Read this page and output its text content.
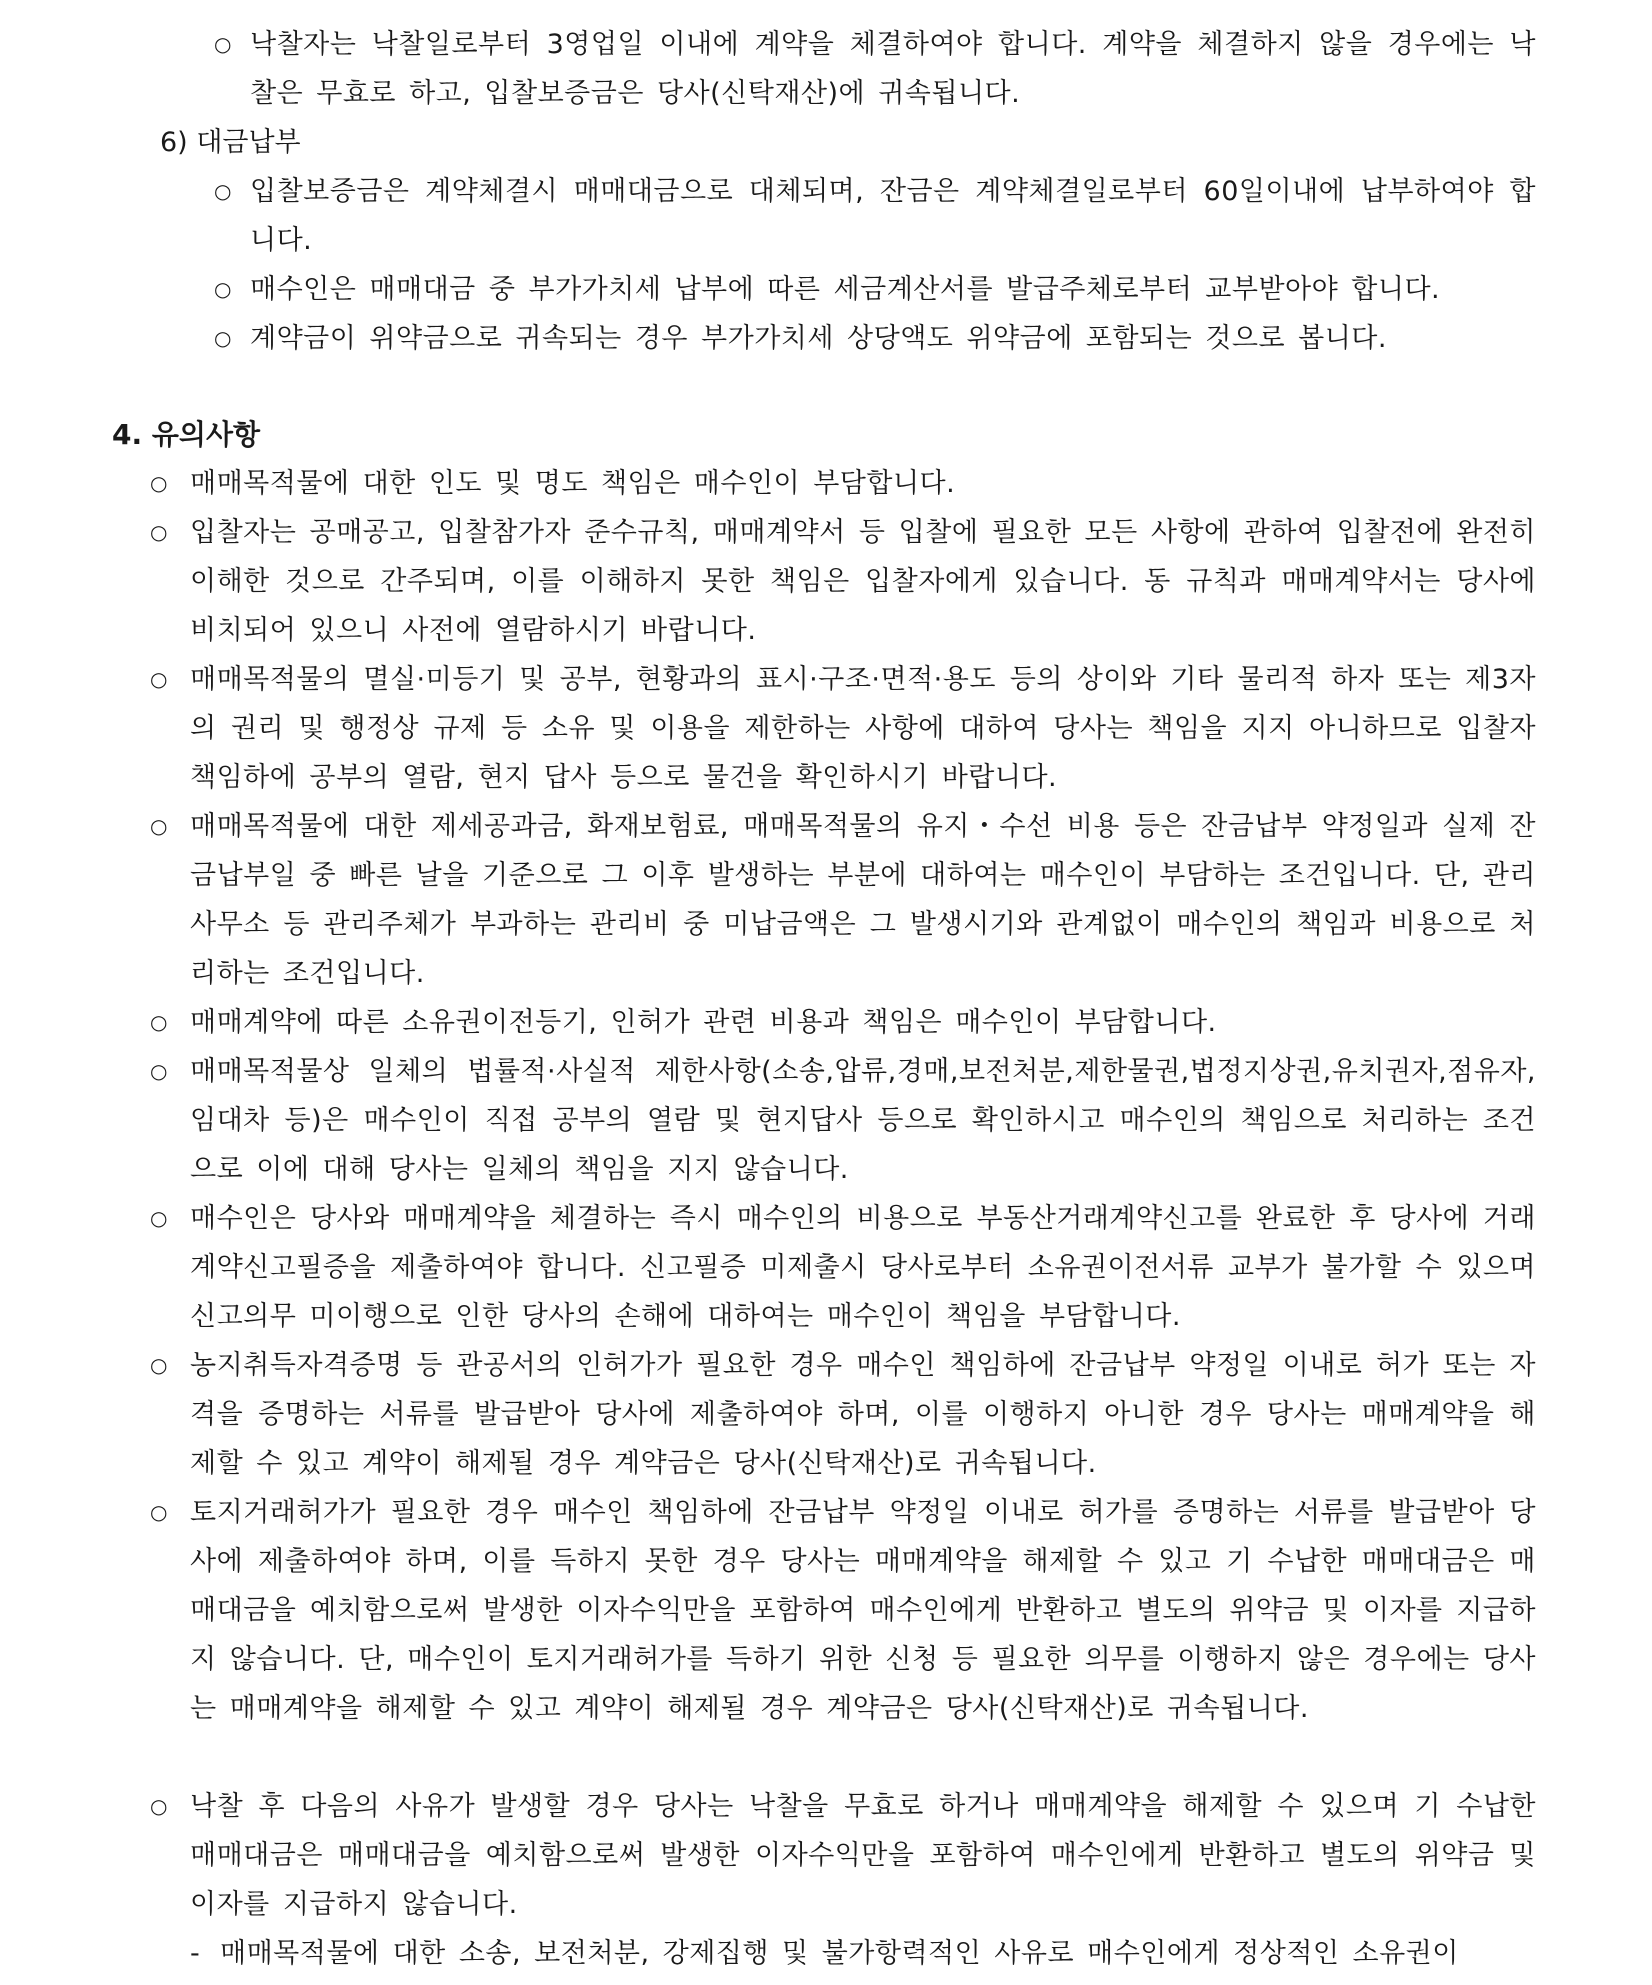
○ 낙찰자는 낙찰일로부터 3영업일 이내에 계약을 체결하여야 합니다. 계약을 체결하지 않을 경우에는 낙찰은 무효로 하고, 입찰보증금은 당사(신탁재산)에 귀속됩니다.
6) 대금납부
○ 입찰보증금은 계약체결시 매매대금으로 대체되며, 잔금은 계약체결일로부터 60일이내에 납부하여야 합니다.
○ 매수인은 매매대금 중 부가가치세 납부에 따른 세금계산서를 발급주체로부터 교부받아야 합니다.
○ 계약금이 위약금으로 귀속되는 경우 부가가치세 상당액도 위약금에 포함되는 것으로 봅니다.
4. 유의사항
○ 매매목적물에 대한 인도 및 명도 책임은 매수인이 부담합니다.
○ 입찰자는 공매공고, 입찰참가자 준수규칙, 매매계약서 등 입찰에 필요한 모든 사항에 관하여 입찰전에 완전히 이해한 것으로 간주되며, 이를 이해하지 못한 책임은 입찰자에게 있습니다. 동 규칙과 매매계약서는 당사에 비치되어 있으니 사전에 열람하시기 바랍니다.
○ 매매목적물의 멸실·미등기 및 공부, 현황과의 표시·구조·면적·용도 등의 상이와 기타 물리적 하자 또는 제3자의 권리 및 행정상 규제 등 소유 및 이용을 제한하는 사항에 대하여 당사는 책임을 지지 아니하므로 입찰자 책임하에 공부의 열람, 현지 답사 등으로 물건을 확인하시기 바랍니다.
○ 매매목적물에 대한 제세공과금, 화재보험료, 매매목적물의 유지・수선 비용 등은 잔금납부 약정일과 실제 잔금납부일 중 빠른 날을 기준으로 그 이후 발생하는 부분에 대하여는 매수인이 부담하는 조건입니다. 단, 관리사무소 등 관리주체가 부과하는 관리비 중 미납금액은 그 발생시기와 관계없이 매수인의 책임과 비용으로 처리하는 조건입니다.
○ 매매계약에 따른 소유권이전등기, 인허가 관련 비용과 책임은 매수인이 부담합니다.
○ 매매목적물상 일체의 법률적·사실적 제한사항(소송,압류,경매,보전처분,제한물권,법정지상권,유치권자,점유자,임대차 등)은 매수인이 직접 공부의 열람 및 현지답사 등으로 확인하시고 매수인의 책임으로 처리하는 조건으로 이에 대해 당사는 일체의 책임을 지지 않습니다.
○ 매수인은 당사와 매매계약을 체결하는 즉시 매수인의 비용으로 부동산거래계약신고를 완료한 후 당사에 거래계약신고필증을 제출하여야 합니다. 신고필증 미제출시 당사로부터 소유권이전서류 교부가 불가할 수 있으며 신고의무 미이행으로 인한 당사의 손해에 대하여는 매수인이 책임을 부담합니다.
○ 농지취득자격증명 등 관공서의 인허가가 필요한 경우 매수인 책임하에 잔금납부 약정일 이내로 허가 또는 자격을 증명하는 서류를 발급받아 당사에 제출하여야 하며, 이를 이행하지 아니한 경우 당사는 매매계약을 해제할 수 있고 계약이 해제될 경우 계약금은 당사(신탁재산)로 귀속됩니다.
○ 토지거래허가가 필요한 경우 매수인 책임하에 잔금납부 약정일 이내로 허가를 증명하는 서류를 발급받아 당사에 제출하여야 하며, 이를 득하지 못한 경우 당사는 매매계약을 해제할 수 있고 기 수납한 매매대금은 매매대금을 예치함으로써 발생한 이자수익만을 포함하여 매수인에게 반환하고 별도의 위약금 및 이자를 지급하지 않습니다. 단, 매수인이 토지거래허가를 득하기 위한 신청 등 필요한 의무를 이행하지 않은 경우에는 당사는 매매계약을 해제할 수 있고 계약이 해제될 경우 계약금은 당사(신탁재산)로 귀속됩니다.
○ 낙찰 후 다음의 사유가 발생할 경우 당사는 낙찰을 무효로 하거나 매매계약을 해제할 수 있으며 기 수납한 매매대금은 매매대금을 예치함으로써 발생한 이자수익만을 포함하여 매수인에게 반환하고 별도의 위약금 및 이자를 지급하지 않습니다.
- 매매목적물에 대한 소송, 보전처분, 강제집행 및 불가항력적인 사유로 매수인에게 정상적인 소유권이
